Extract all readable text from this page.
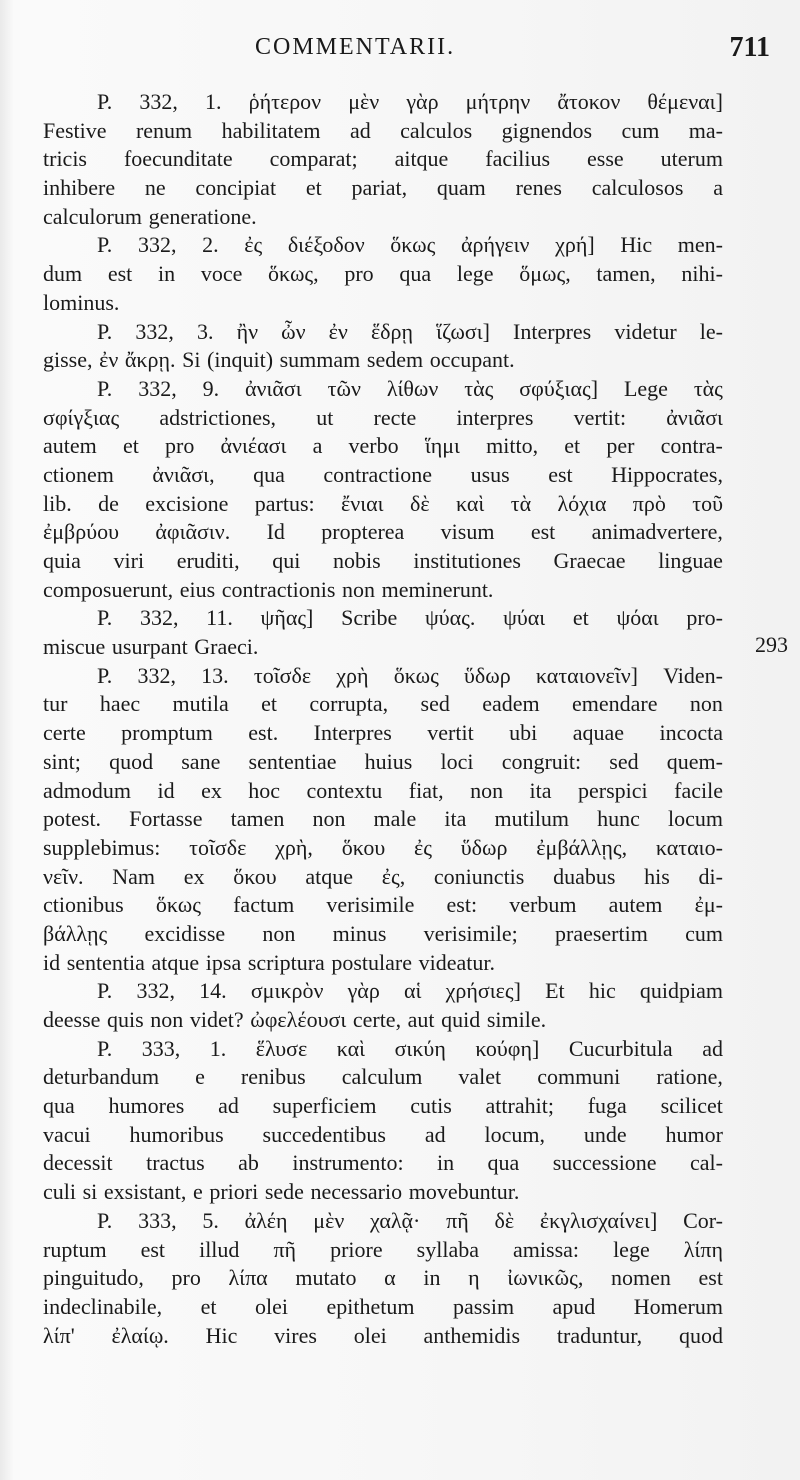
COMMENTARII.	711
P. 332, 1. ῥήτερον μὲν γὰρ μήτρην ἄτοκον θέμεναι]
Festive renum habilitatem ad calculos gignendos cum ma-
tricis foecunditate comparat; aitque facilius esse uterum
inhibere ne concipiat et pariat, quam renes calculosos a
calculorum generatione.
P. 332, 2. ἐς διέξοδον ὅκως ἀρήγειν χρή] Hic men-
dum est in voce ὅκως, pro qua lege ὅμως, tamen, nihi-
lominus.
P. 332, 3. ἢν ὦν ἐν ἕδρῃ ἵζωσι] Interpres videtur le-
gisse, ἐν ἄκρῃ. Si (inquit) summam sedem occupant.
P. 332, 9. ἀνιᾶσι τῶν λίθων τὰς σφύξιας] Lege τὰς
σφίγξιας adstrictiones, ut recte interpres vertit: ἀνιᾶσι
autem et pro ἀνιέασι a verbo ἵημι mitto, et per contra-
ctionem ἀνιᾶσι, qua contractione usus est Hippocrates,
lib. de excisione partus: ἔνιαι δὲ καὶ τὰ λόχια πρὸ τοῦ
ἐμβρύου ἀφιᾶσιν. Id propterea visum est animadvertere,
quia viri eruditi, qui nobis institutiones Graecae linguae
composuerunt, eius contractionis non meminerunt.
P. 332, 11. ψῆας] Scribe ψύας. ψύαι et ψόαι pro-
miscue usurpant Graeci.
P. 332, 13. τοῖσδε χρὴ ὅκως ὕδωρ καταιονεῖν] Viden-
tur haec mutila et corrupta, sed eadem emendare non
certe promptum est. Interpres vertit ubi aquae incocta
sint; quod sane sententiae huius loci congruit: sed quem-
admodum id ex hoc contextu fiat, non ita perspici facile
potest. Fortasse tamen non male ita mutilum hunc locum
supplebimus: τοῖσδε χρὴ, ὅκου ἐς ὕδωρ ἐμβάλλῃς, καταιο-
νεῖν. Nam ex ὅκου atque ἐς, coniunctis duabus his di-
ctionibus ὅκως factum verisimile est: verbum autem ἐμ-
βάλλῃς excidisse non minus verisimile; praesertim cum
id sententia atque ipsa scriptura postulare videatur.
P. 332, 14. σμικρὸν γὰρ αἱ χρήσιες] Et hic quidpiam
deesse quis non videt? ὠφελέουσι certe, aut quid simile.
P. 333, 1. ἕλυσε καὶ σικύη κούφη] Cucurbitula ad
deturbandum e renibus calculum valet communi ratione,
qua humores ad superficiem cutis attrahit; fuga scilicet
vacui humoribus succedentibus ad locum, unde humor
decessit tractus ab instrumento: in qua successione cal-
culi si exsistant, e priori sede necessario movebuntur.
P. 333, 5. ἀλέη μὲν χαλᾷ· πῆ δὲ ἐκγλισχαίνει] Cor-
ruptum est illud πῆ priore syllaba amissa: lege λίπη
pinguitudo, pro λίπα mutato α in η ἰωνικῶς, nomen est
indeclinabile, et olei epithetum passim apud Homerum
λίπ' ἐλαίῳ. Hic vires olei anthemidis traduntur, quod
293
